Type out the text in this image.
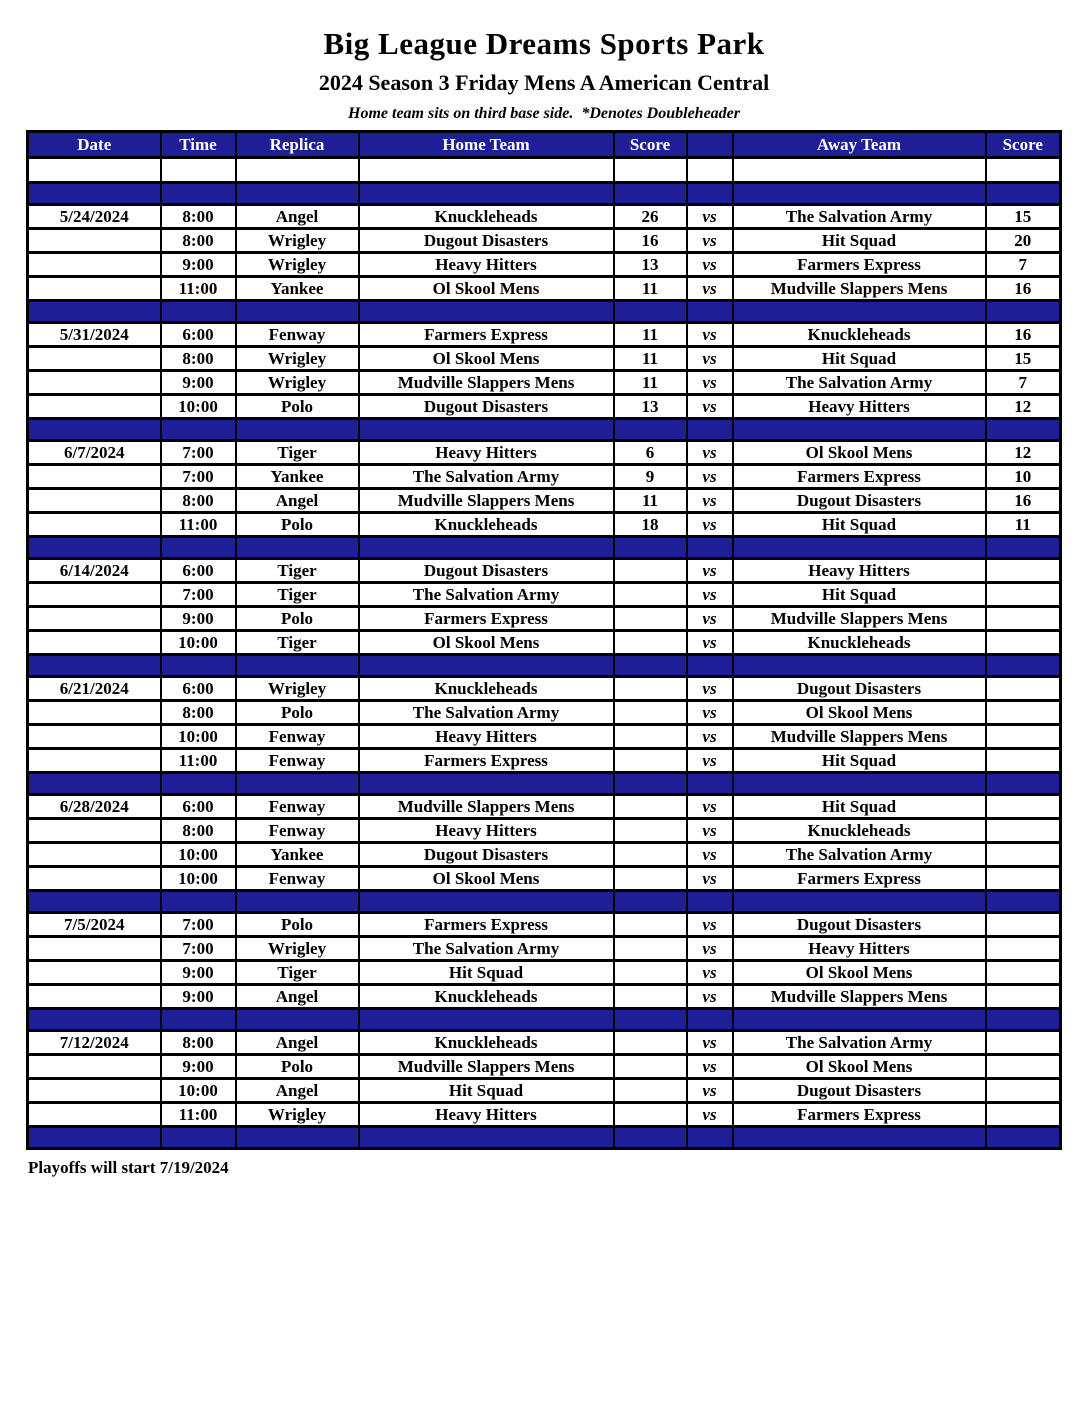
Big League Dreams Sports Park
2024 Season 3 Friday Mens A American Central
Home team sits on third base side.  *Denotes Doubleheader
Date	Time	Replica	Home Team	Score		Away Team	Score

5/24/2024	8:00	Angel	Knuckleheads	26	vs	The Salvation Army	15
	8:00	Wrigley	Dugout Disasters	16	vs	Hit Squad	20
	9:00	Wrigley	Heavy Hitters	13	vs	Farmers Express	7
	11:00	Yankee	Ol Skool Mens	11	vs	Mudville Slappers Mens	16

5/31/2024	6:00	Fenway	Farmers Express	11	vs	Knuckleheads	16
	8:00	Wrigley	Ol Skool Mens	11	vs	Hit Squad	15
	9:00	Wrigley	Mudville Slappers Mens	11	vs	The Salvation Army	7
	10:00	Polo	Dugout Disasters	13	vs	Heavy Hitters	12

6/7/2024	7:00	Tiger	Heavy Hitters	6	vs	Ol Skool Mens	12
	7:00	Yankee	The Salvation Army	9	vs	Farmers Express	10
	8:00	Angel	Mudville Slappers Mens	11	vs	Dugout Disasters	16
	11:00	Polo	Knuckleheads	18	vs	Hit Squad	11

6/14/2024	6:00	Tiger	Dugout Disasters		vs	Heavy Hitters	
	7:00	Tiger	The Salvation Army		vs	Hit Squad	
	9:00	Polo	Farmers Express		vs	Mudville Slappers Mens	
	10:00	Tiger	Ol Skool Mens		vs	Knuckleheads	

6/21/2024	6:00	Wrigley	Knuckleheads		vs	Dugout Disasters	
	8:00	Polo	The Salvation Army		vs	Ol Skool Mens	
	10:00	Fenway	Heavy Hitters		vs	Mudville Slappers Mens	
	11:00	Fenway	Farmers Express		vs	Hit Squad	

6/28/2024	6:00	Fenway	Mudville Slappers Mens		vs	Hit Squad	
	8:00	Fenway	Heavy Hitters		vs	Knuckleheads	
	10:00	Yankee	Dugout Disasters		vs	The Salvation Army	
	10:00	Fenway	Ol Skool Mens		vs	Farmers Express	

7/5/2024	7:00	Polo	Farmers Express		vs	Dugout Disasters	
	7:00	Wrigley	The Salvation Army		vs	Heavy Hitters	
	9:00	Tiger	Hit Squad		vs	Ol Skool Mens	
	9:00	Angel	Knuckleheads		vs	Mudville Slappers Mens	

7/12/2024	8:00	Angel	Knuckleheads		vs	The Salvation Army	
	9:00	Polo	Mudville Slappers Mens		vs	Ol Skool Mens	
	10:00	Angel	Hit Squad		vs	Dugout Disasters	
	11:00	Wrigley	Heavy Hitters		vs	Farmers Express	

Playoffs will start 7/19/2024
